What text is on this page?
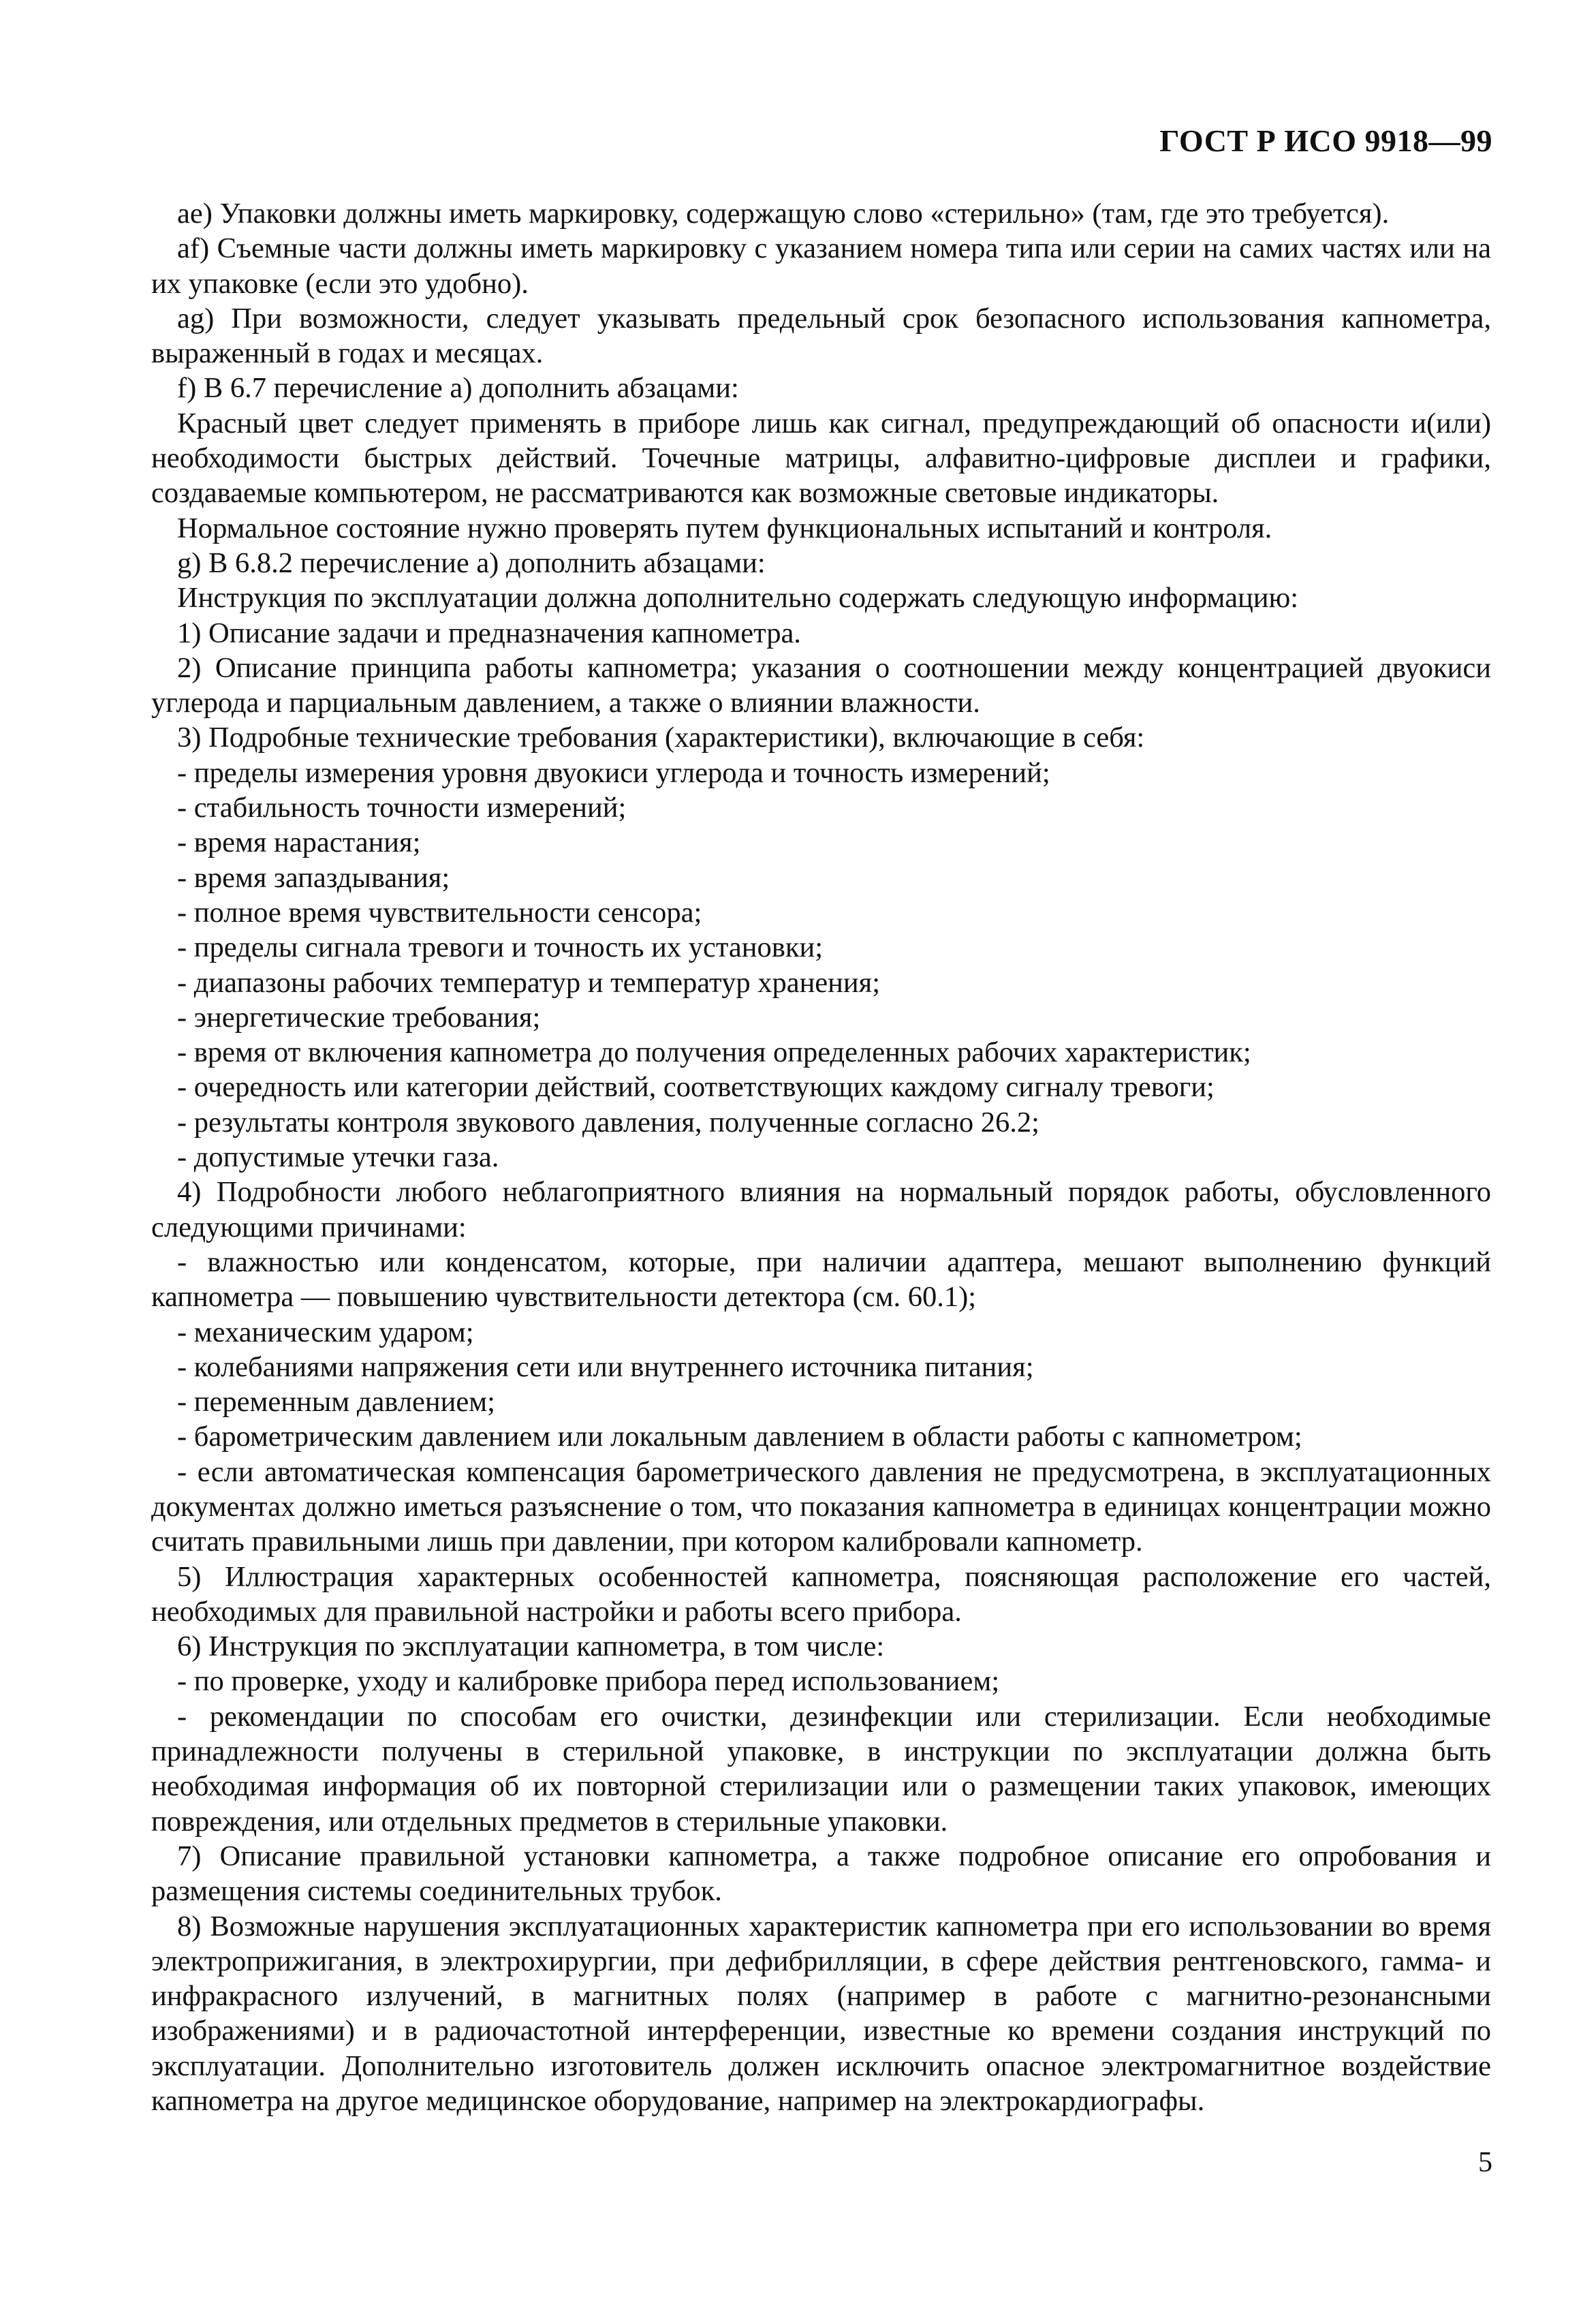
ГОСТ Р ИСО 9918—99

ae) Упаковки должны иметь маркировку, содержащую слово «стерильно» (там, где это требуется).

af) Съемные части должны иметь маркировку с указанием номера типа или серии на самих частях или на их упаковке (если это удобно).

ag) При возможности, следует указывать предельный срок безопасного использования капнометра, выраженный в годах и месяцах.

f) В 6.7 перечисление а) дополнить абзацами:

Красный цвет следует применять в приборе лишь как сигнал, предупреждающий об опасности и(или) необходимости быстрых действий. Точечные матрицы, алфавитно-цифровые дисплеи и графики, создаваемые компьютером, не рассматриваются как возможные световые индикаторы.

Нормальное состояние нужно проверять путем функциональных испытаний и контроля.

g) В 6.8.2 перечисление а) дополнить абзацами:

Инструкция по эксплуатации должна дополнительно содержать следующую информацию:

1) Описание задачи и предназначения капнометра.

2) Описание принципа работы капнометра; указания о соотношении между концентрацией двуокиси углерода и парциальным давлением, а также о влиянии влажности.

3) Подробные технические требования (характеристики), включающие в себя:

- пределы измерения уровня двуокиси углерода и точность измерений;

- стабильность точности измерений;

- время нарастания;

- время запаздывания;

- полное время чувствительности сенсора;

- пределы сигнала тревоги и точность их установки;

- диапазоны рабочих температур и температур хранения;

- энергетические требования;

- время от включения капнометра до получения определенных рабочих характеристик;

- очередность или категории действий, соответствующих каждому сигналу тревоги;

- результаты контроля звукового давления, полученные согласно 26.2;

- допустимые утечки газа.

4) Подробности любого неблагоприятного влияния на нормальный порядок работы, обусловленного следующими причинами:

- влажностью или конденсатом, которые, при наличии адаптера, мешают выполнению функций капнометра — повышению чувствительности детектора (см. 60.1);

- механическим ударом;

- колебаниями напряжения сети или внутреннего источника питания;

- переменным давлением;

- барометрическим давлением или локальным давлением в области работы с капнометром;

- если автоматическая компенсация барометрического давления не предусмотрена, в эксплуатационных документах должно иметься разъяснение о том, что показания капнометра в единицах концентрации можно считать правильными лишь при давлении, при котором калибровали капнометр.

5) Иллюстрация характерных особенностей капнометра, поясняющая расположение его частей, необходимых для правильной настройки и работы всего прибора.

6) Инструкция по эксплуатации капнометра, в том числе:

- по проверке, уходу и калибровке прибора перед использованием;

- рекомендации по способам его очистки, дезинфекции или стерилизации. Если необходимые принадлежности получены в стерильной упаковке, в инструкции по эксплуатации должна быть необходимая информация об их повторной стерилизации или о размещении таких упаковок, имеющих повреждения, или отдельных предметов в стерильные упаковки.

7) Описание правильной установки капнометра, а также подробное описание его опробования и размещения системы соединительных трубок.

8) Возможные нарушения эксплуатационных характеристик капнометра при его использовании во время электроприжигания, в электрохирургии, при дефибрилляции, в сфере действия рентгеновского, гамма- и инфракрасного излучений, в магнитных полях (например в работе с магнитно-резонансными изображениями) и в радиочастотной интерференции, известные ко времени создания инструкций по эксплуатации. Дополнительно изготовитель должен исключить опасное электромагнитное воздействие капнометра на другое медицинское оборудование, например на электрокардиографы.

5
